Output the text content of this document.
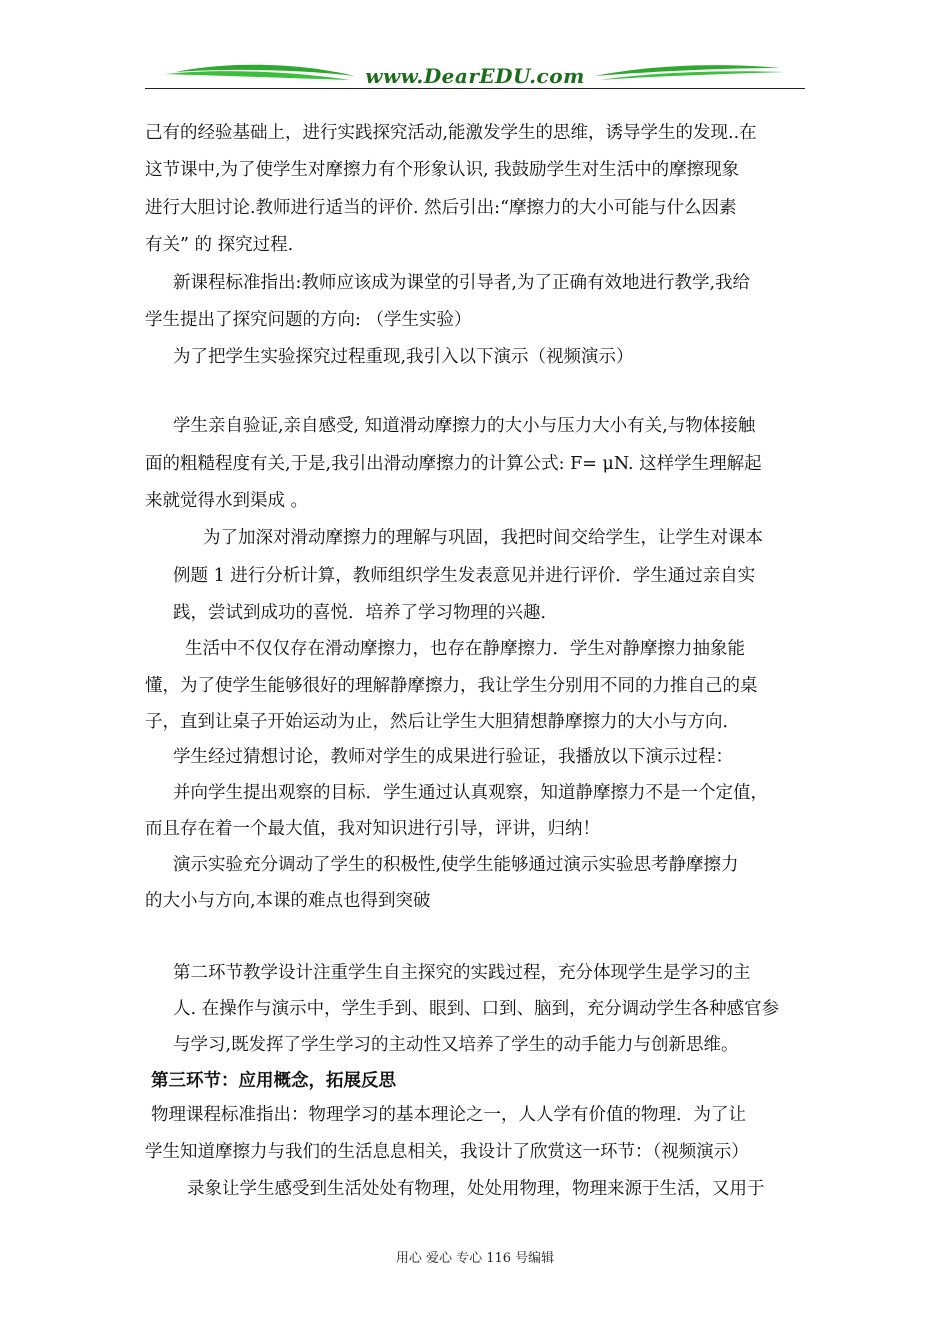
www.DearEDU.com
己有的经验基础上，进行实践探究活动,能激发学生的思维，诱导学生的发现..在
这节课中,为了使学生对摩擦力有个形象认识, 我鼓励学生对生活中的摩擦现象
进行大胆讨论.教师进行适当的评价. 然后引出:“摩擦力的大小可能与什么因素
有关” 的 探究过程.
新课程标准指出:教师应该成为课堂的引导者,为了正确有效地进行教学,我给
学生提出了探究问题的方向: （学生实验）
为了把学生实验探究过程重现,我引入以下演示（视频演示）
学生亲自验证,亲自感受, 知道滑动摩擦力的大小与压力大小有关,与物体接触
面的粗糙程度有关,于是,我引出滑动摩擦力的计算公式: F= μN. 这样学生理解起
来就觉得水到渠成 。
为了加深对滑动摩擦力的理解与巩固，我把时间交给学生，让学生对课本
例题 1 进行分析计算，教师组织学生发表意见并进行评价．学生通过亲自实
践，尝试到成功的喜悦．培养了学习物理的兴趣．
生活中不仅仅存在滑动摩擦力，也存在静摩擦力．学生对静摩擦力抽象能
懂，为了使学生能够很好的理解静摩擦力，我让学生分别用不同的力推自己的桌
子，直到让桌子开始运动为止，然后让学生大胆猜想静摩擦力的大小与方向．
学生经过猜想讨论，教师对学生的成果进行验证，我播放以下演示过程：
并向学生提出观察的目标．学生通过认真观察，知道静摩擦力不是一个定值，
而且存在着一个最大值，我对知识进行引导，评讲，归纳！
演示实验充分调动了学生的积极性,使学生能够通过演示实验思考静摩擦力
的大小与方向,本课的难点也得到突破
第二环节教学设计注重学生自主探究的实践过程，充分体现学生是学习的主
人. 在操作与演示中，学生手到、眼到、口到、脑到，充分调动学生各种感官参
与学习,既发挥了学生学习的主动性又培养了学生的动手能力与创新思维。
第三环节：应用概念，拓展反思
物理课程标准指出：物理学习的基本理论之一，人人学有价值的物理．为了让
学生知道摩擦力与我们的生活息息相关，我设计了欣赏这一环节：（视频演示）
录象让学生感受到生活处处有物理，处处用物理，物理来源于生活，又用于
用心 爱心 专心 116 号编辑
